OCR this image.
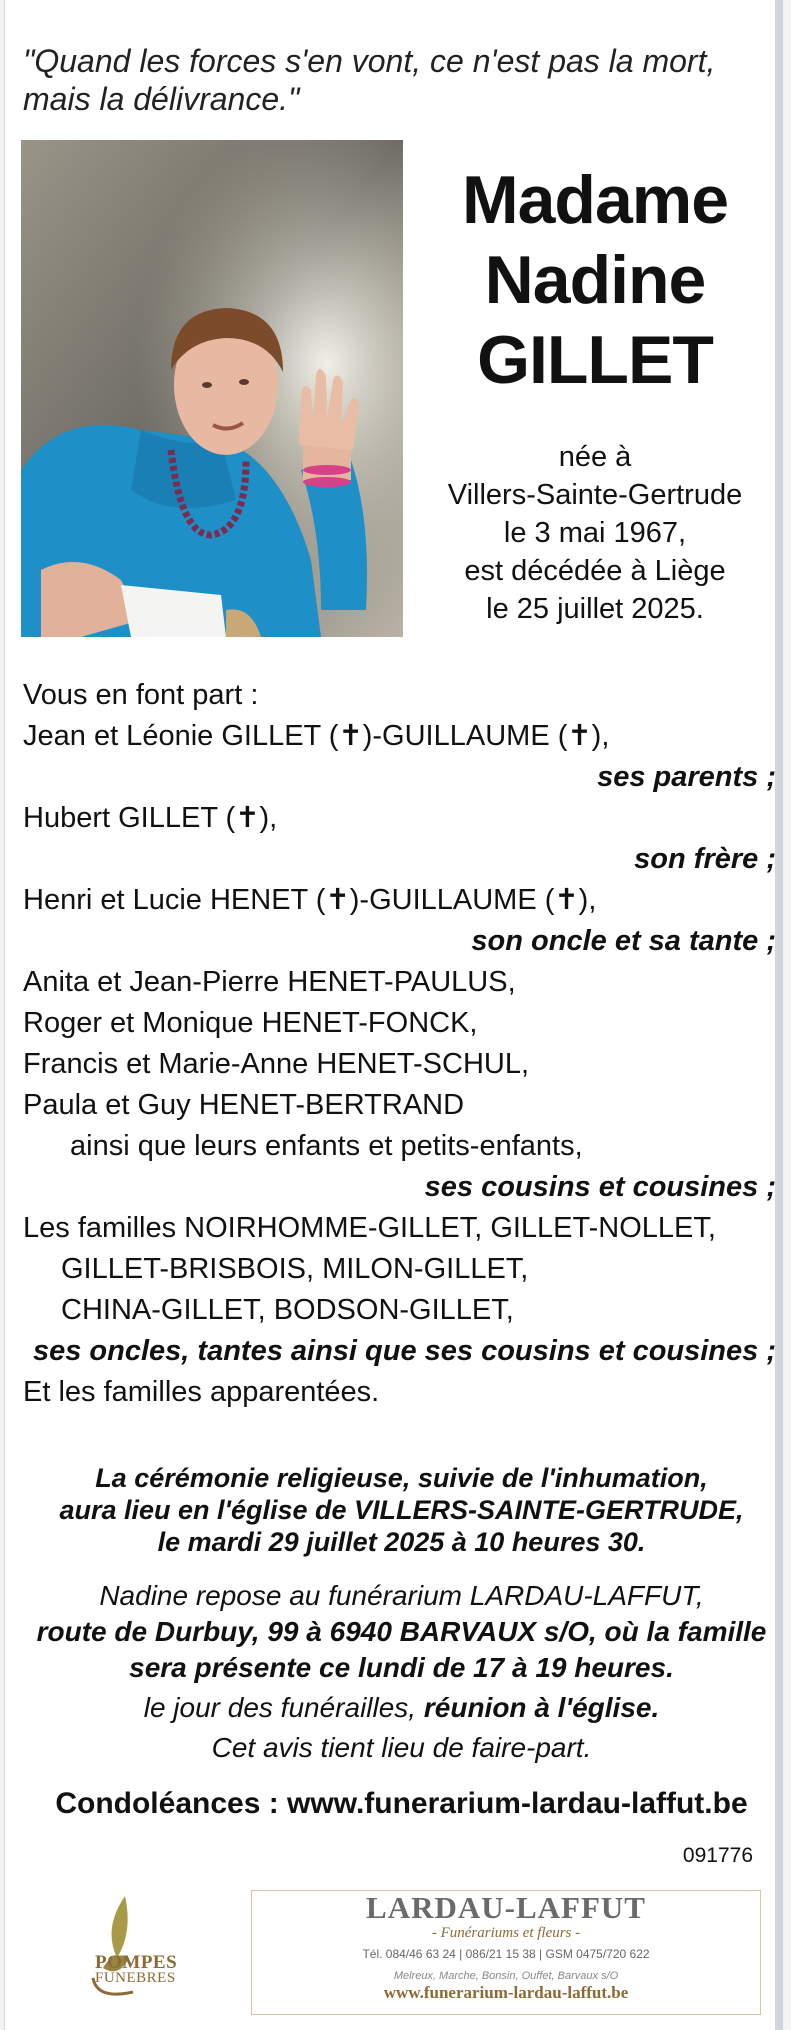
"Quand les forces s'en vont, ce n'est pas la mort,
mais la délivrance."
Madame
Nadine
GILLET
née à
Villers-Sainte-Gertrude
le 3 mai 1967,
est décédée à Liège
le 25 juillet 2025.
Vous en font part :
Jean et Léonie GILLET (✝)-GUILLAUME (✝),
ses parents ;
Hubert GILLET (✝),
son frère ;
Henri et Lucie HENET (✝)-GUILLAUME (✝),
son oncle et sa tante ;
Anita et Jean-Pierre HENET-PAULUS,
Roger et Monique HENET-FONCK,
Francis et Marie-Anne HENET-SCHUL,
Paula et Guy HENET-BERTRAND
ainsi que leurs enfants et petits-enfants,
ses cousins et cousines ;
Les familles NOIRHOMME-GILLET, GILLET-NOLLET,
GILLET-BRISBOIS, MILON-GILLET,
CHINA-GILLET, BODSON-GILLET,
ses oncles, tantes ainsi que ses cousins et cousines ;
Et les familles apparentées.
La cérémonie religieuse, suivie de l'inhumation,
aura lieu en l'église de VILLERS-SAINTE-GERTRUDE,
le mardi 29 juillet 2025 à 10 heures 30.
Nadine repose au funérarium LARDAU-LAFFUT,
route de Durbuy, 99 à 6940 BARVAUX s/O, où la famille
sera présente ce lundi de 17 à 19 heures.
le jour des funérailles, réunion à l'église.
Cet avis tient lieu de faire-part.
Condoléances : www.funerarium-lardau-laffut.be
091776
POMPES
FUNEBRES
LARDAU-LAFFUT
- Funérariums et fleurs -
Tél. 084/46 63 24 | 086/21 15 38 | GSM 0475/720 622
Melreux, Marche, Bonsin, Ouffet, Barvaux s/O
www.funerarium-lardau-laffut.be
